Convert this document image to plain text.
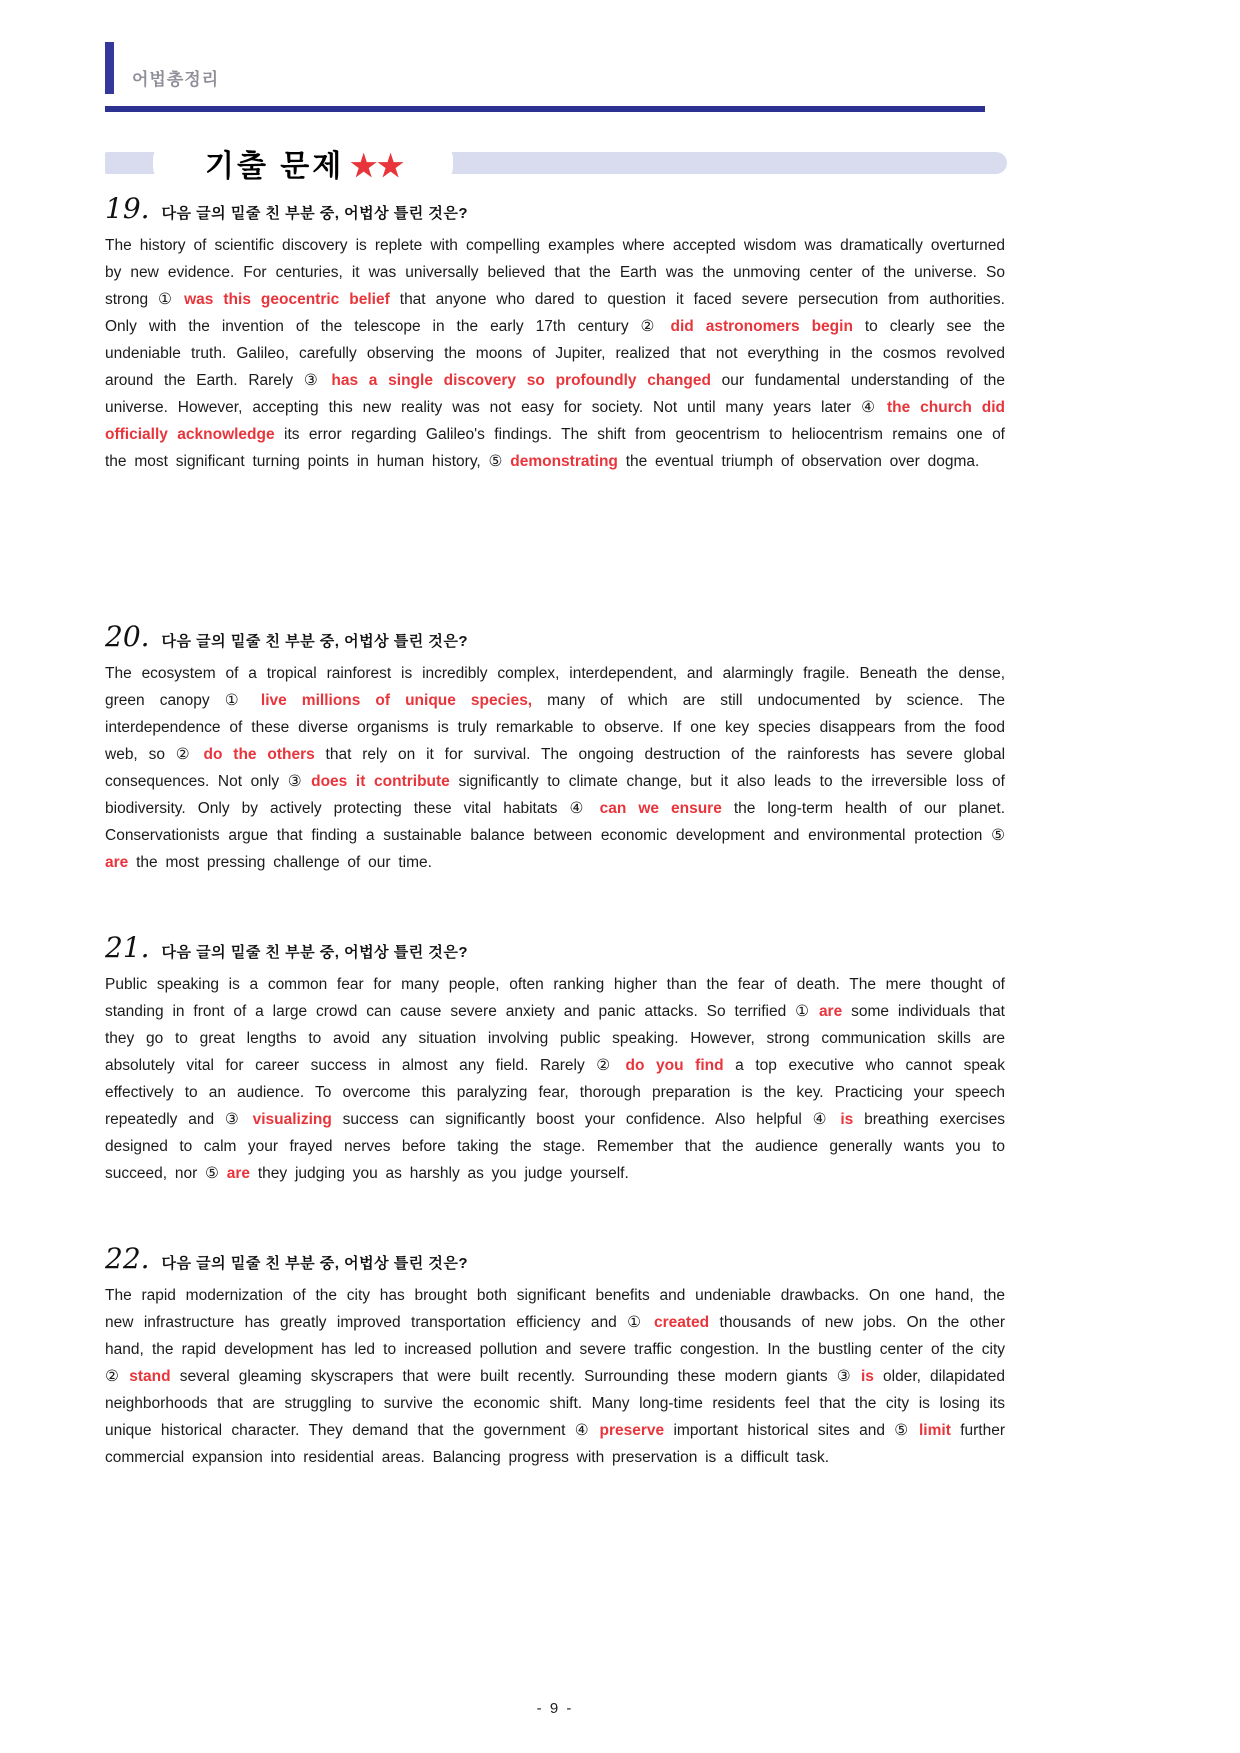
어법총정리
기출 문제 ★★
19. 다음 글의 밑줄 친 부분 중, 어법상 틀린 것은?

The history of scientific discovery is replete with compelling examples where accepted wisdom was dramatically overturned by new evidence. For centuries, it was universally believed that the Earth was the unmoving center of the universe. So strong ① was this geocentric belief that anyone who dared to question it faced severe persecution from authorities. Only with the invention of the telescope in the early 17th century ② did astronomers begin to clearly see the undeniable truth. Galileo, carefully observing the moons of Jupiter, realized that not everything in the cosmos revolved around the Earth. Rarely ③ has a single discovery so profoundly changed our fundamental understanding of the universe. However, accepting this new reality was not easy for society. Not until many years later ④ the church did officially acknowledge its error regarding Galileo's findings. The shift from geocentrism to heliocentrism remains one of the most significant turning points in human history, ⑤ demonstrating the eventual triumph of observation over dogma.

20. 다음 글의 밑줄 친 부분 중, 어법상 틀린 것은?

The ecosystem of a tropical rainforest is incredibly complex, interdependent, and alarmingly fragile. Beneath the dense, green canopy ① live millions of unique species, many of which are still undocumented by science. The interdependence of these diverse organisms is truly remarkable to observe. If one key species disappears from the food web, so ② do the others that rely on it for survival. The ongoing destruction of the rainforests has severe global consequences. Not only ③ does it contribute significantly to climate change, but it also leads to the irreversible loss of biodiversity. Only by actively protecting these vital habitats ④ can we ensure the long-term health of our planet. Conservationists argue that finding a sustainable balance between economic development and environmental protection ⑤ are the most pressing challenge of our time.

21. 다음 글의 밑줄 친 부분 중, 어법상 틀린 것은?

Public speaking is a common fear for many people, often ranking higher than the fear of death. The mere thought of standing in front of a large crowd can cause severe anxiety and panic attacks. So terrified ① are some individuals that they go to great lengths to avoid any situation involving public speaking. However, strong communication skills are absolutely vital for career success in almost any field. Rarely ② do you find a top executive who cannot speak effectively to an audience. To overcome this paralyzing fear, thorough preparation is the key. Practicing your speech repeatedly and ③ visualizing success can significantly boost your confidence. Also helpful ④ is breathing exercises designed to calm your frayed nerves before taking the stage. Remember that the audience generally wants you to succeed, nor ⑤ are they judging you as harshly as you judge yourself.

22. 다음 글의 밑줄 친 부분 중, 어법상 틀린 것은?

The rapid modernization of the city has brought both significant benefits and undeniable drawbacks. On one hand, the new infrastructure has greatly improved transportation efficiency and ① created thousands of new jobs. On the other hand, the rapid development has led to increased pollution and severe traffic congestion. In the bustling center of the city ② stand several gleaming skyscrapers that were built recently. Surrounding these modern giants ③ is older, dilapidated neighborhoods that are struggling to survive the economic shift. Many long-time residents feel that the city is losing its unique historical character. They demand that the government ④ preserve important historical sites and ⑤ limit further commercial expansion into residential areas. Balancing progress with preservation is a difficult task.

- 9 -
